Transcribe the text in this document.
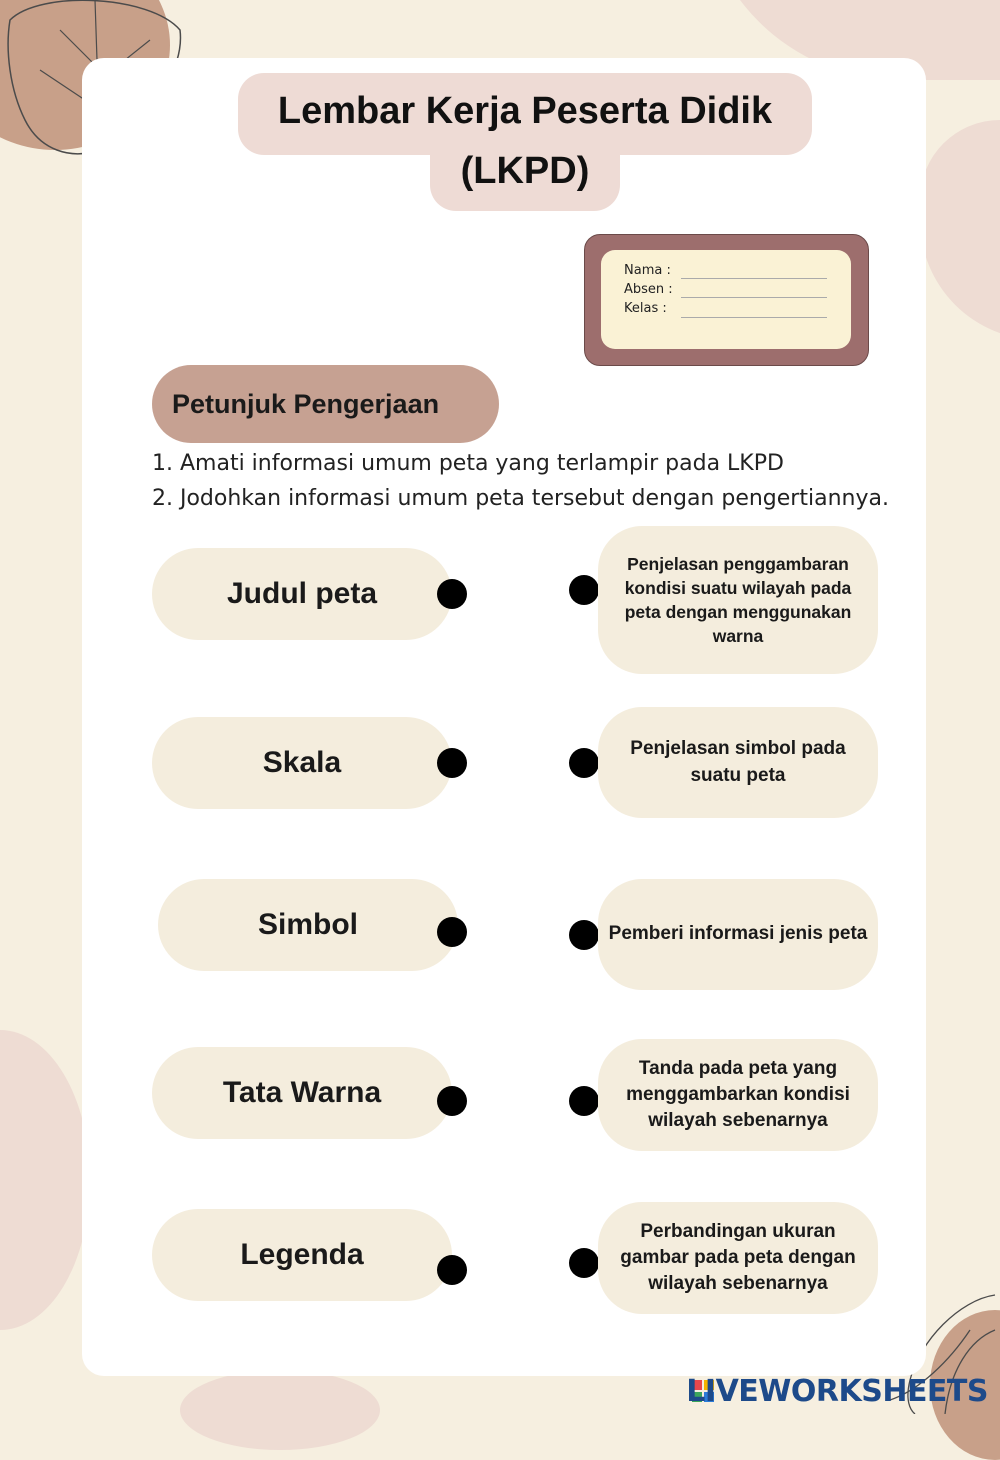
Lembar Kerja Peserta Didik
(LKPD)
Nama :
Absen :
Kelas :
Petunjuk Pengerjaan
1. Amati informasi umum peta yang terlampir pada LKPD
2. Jodohkan informasi umum peta tersebut dengan pengertiannya.
Judul peta
Skala
Simbol
Tata Warna
Legenda
Penjelasan penggambaran kondisi suatu wilayah pada peta dengan menggunakan warna
Penjelasan simbol pada suatu peta
Pemberi informasi jenis peta
Tanda pada peta yang menggambarkan kondisi wilayah sebenarnya
Perbandingan ukuran gambar pada peta dengan wilayah sebenarnya
LIVEWORKSHEETS
